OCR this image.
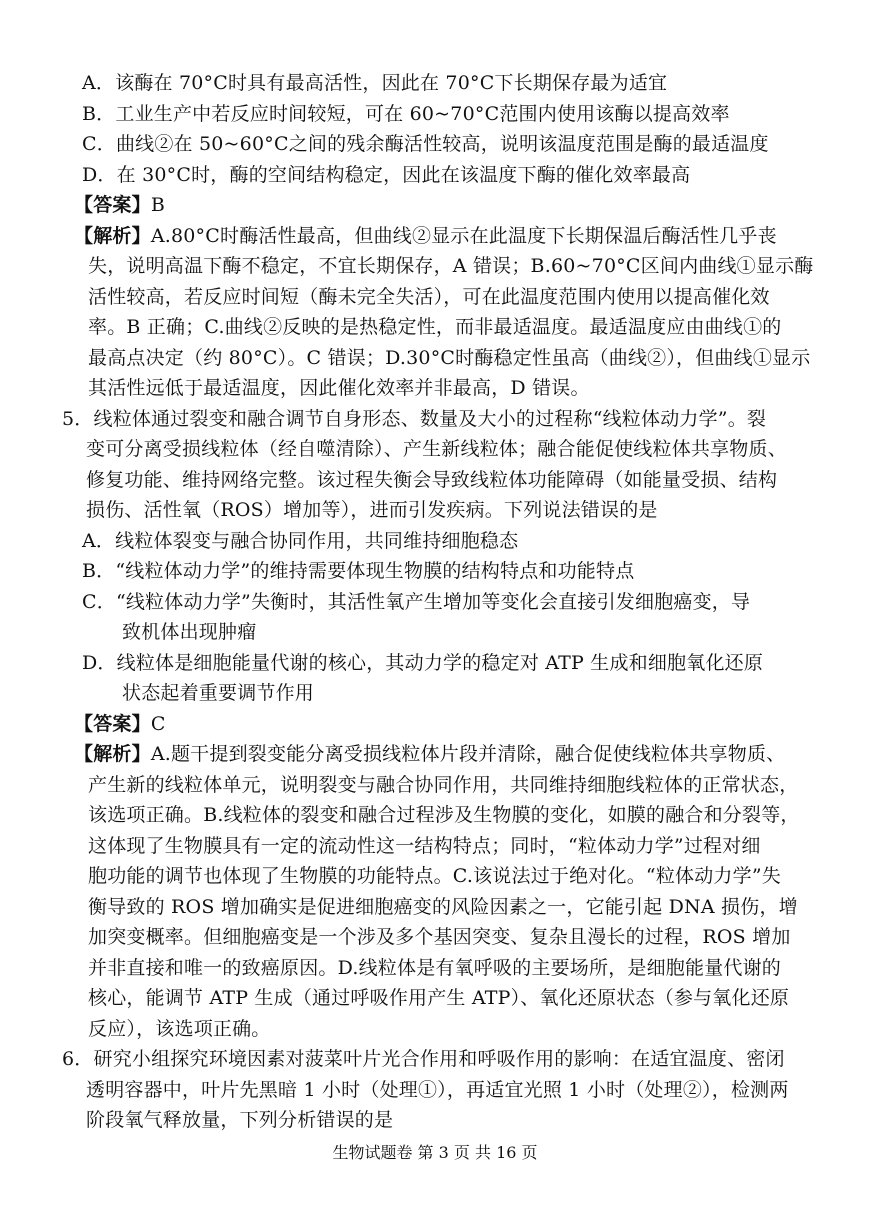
A．该酶在 70°C时具有最高活性，因此在 70°C下长期保存最为适宜
B．工业生产中若反应时间较短，可在 60~70°C范围内使用该酶以提高效率
C．曲线②在 50~60°C之间的残余酶活性较高，说明该温度范围是酶的最适温度
D．在 30°C时，酶的空间结构稳定，因此在该温度下酶的催化效率最高
【答案】B
【解析】A.80°C时酶活性最高，但曲线②显示在此温度下长期保温后酶活性几乎丧
失，说明高温下酶不稳定，不宜长期保存，A 错误；B.60~70°C区间内曲线①显示酶
活性较高，若反应时间短（酶未完全失活），可在此温度范围内使用以提高催化效
率。B 正确；C.曲线②反映的是热稳定性，而非最适温度。最适温度应由曲线①的
最高点决定（约 80°C）。C 错误；D.30°C时酶稳定性虽高（曲线②），但曲线①显示
其活性远低于最适温度，因此催化效率并非最高，D 错误。
5．线粒体通过裂变和融合调节自身形态、数量及大小的过程称“线粒体动力学”。裂
变可分离受损线粒体（经自噬清除）、产生新线粒体；融合能促使线粒体共享物质、
修复功能、维持网络完整。该过程失衡会导致线粒体功能障碍（如能量受损、结构
损伤、活性氧（ROS）增加等），进而引发疾病。下列说法错误的是
A．线粒体裂变与融合协同作用，共同维持细胞稳态
B．“线粒体动力学”的维持需要体现生物膜的结构特点和功能特点
C．“线粒体动力学”失衡时，其活性氧产生增加等变化会直接引发细胞癌变，导
致机体出现肿瘤
D．线粒体是细胞能量代谢的核心，其动力学的稳定对 ATP 生成和细胞氧化还原
状态起着重要调节作用
【答案】C
【解析】A.题干提到裂变能分离受损线粒体片段并清除，融合促使线粒体共享物质、
产生新的线粒体单元，说明裂变与融合协同作用，共同维持细胞线粒体的正常状态，
该选项正确。B.线粒体的裂变和融合过程涉及生物膜的变化，如膜的融合和分裂等，
这体现了生物膜具有一定的流动性这一结构特点；同时，“粒体动力学”过程对细
胞功能的调节也体现了生物膜的功能特点。C.该说法过于绝对化。“粒体动力学”失
衡导致的 ROS 增加确实是促进细胞癌变的风险因素之一，它能引起 DNA 损伤，增
加突变概率。但细胞癌变是一个涉及多个基因突变、复杂且漫长的过程，ROS 增加
并非直接和唯一的致癌原因。D.线粒体是有氧呼吸的主要场所，是细胞能量代谢的
核心，能调节 ATP 生成（通过呼吸作用产生 ATP）、氧化还原状态（参与氧化还原
反应），该选项正确。
6．研究小组探究环境因素对菠菜叶片光合作用和呼吸作用的影响：在适宜温度、密闭
透明容器中，叶片先黑暗 1 小时（处理①），再适宜光照 1 小时（处理②），检测两
阶段氧气释放量，下列分析错误的是
生物试题卷 第 3 页 共 16 页
